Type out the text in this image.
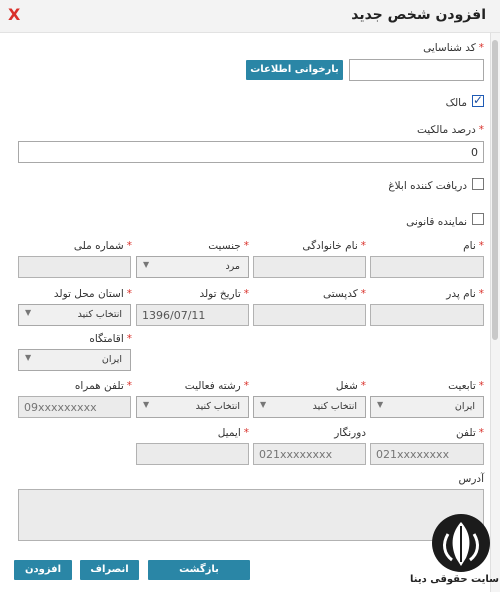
افزودن شخص جدید
X
*کد شناسایی
بارخوانی اطلاعات
✓
مالک
*درصد مالکیت
0
دریافت کننده ابلاغ
نماینده قانونی
*نام
*نام خانوادگی
*جنسیت
*شماره ملی
مرد
▼
*نام پدر
*کدپستی
*تاریخ تولد
*استان محل تولد
1396/07/11
انتخاب کنید
▼
*اقامتگاه
ایران
▼
*تابعیت
*شغل
*رشته فعالیت
*تلفن همراه
ایران
▼
انتخاب کنید
▼
انتخاب کنید
▼
09xxxxxxxxx
*تلفن
دورنگار
*ایمیل
021xxxxxxxx
021xxxxxxxx
آدرس
بازگشت
انصراف
افزودن
سایت حقوقی دینا
